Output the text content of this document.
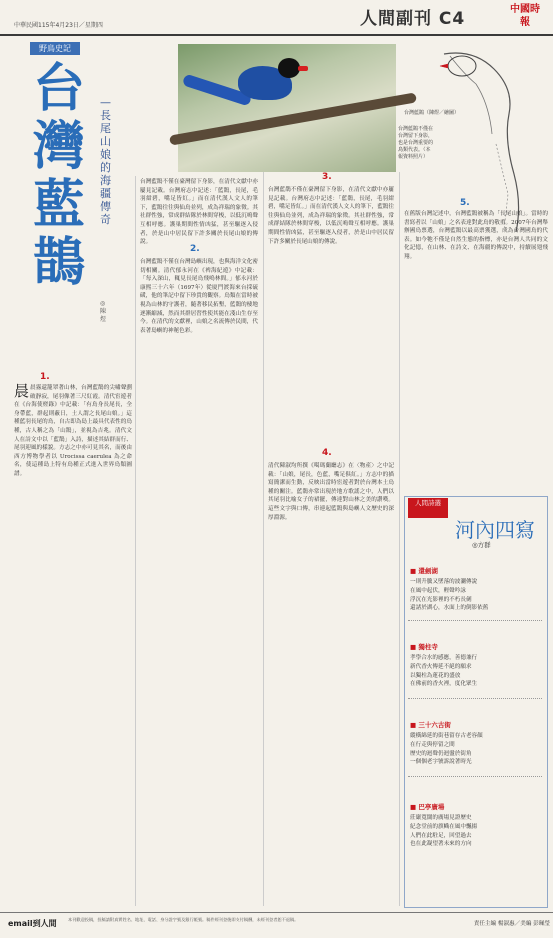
中華民國115年4月23日／星期四	人間副刊 C4	中國時報
台灣藍鵲不僅在台灣留下身影，也是台灣重要的鳥類代表。（本報資料照片）
台灣藍鵲（陳煜／繪圖）
野鳥史記
台灣藍鵲
—長尾山娘的海疆傳奇
◎陳煜
1.
晨晨霧還籠罩著山林，台灣藍鵲的尖嘯聲劃破靜寂，尾羽像著三尺紅霞。清代宦遊者在《台海使槎錄》中記載：「有鳥身長尾長，全身帶藍，群起則蔽日，土人謂之長尾山娘。」這種藍羽長尾的鳥，自古即為島上最具代表性的鳥種，古人稱之為「山鵲」，並視為吉兆。清代文人在詩文中以「藍鵲」入詩，描述其結群而行、尾羽迎風的樣貌。方志之中亦可見其名，而後由西方博物學者以 Urocissa caerulea 為之命名，使這種島上特有鳥種正式進入世界鳥類圖譜。
台灣藍鵲不僅在臺灣留下身影，在清代文獻中亦屢見記載。台灣府志中記述：「藍鵲，長尾，毛羽紺碧，嘴足皆紅。」而在清代漢人文人的筆下，藍鵲往往與仙鳥並列，成為祥瑞的象徵。其社群性強，常成群結隊於林間穿梭，以低沉鳴聲互相呼應。護巢期間性情凶猛，甚至驅逐入侵者，於是山中居民留下許多關於長尾山娘的傳說。
2.
台灣藍鵲不僅在台灣島嶼出現，也與海洋文化密切相關。清代郁永河在《裨海紀遊》中記載：「每入深山，輒見長尾鳥飛鳴林間。」郁永河於康熙三十六年（1697年）從廈門渡海來台採硫磺，他的筆記中留下珍貴的觀察。鳥類在當時被視為山林的守護者，隨著移民拓墾，藍鵲的棲地逐漸縮減，然而其群居習性使其能在淺山生存至今。在清代的文獻裡，山娘之名流傳於民間，代表著島嶼的神秘色彩。
3.
台灣藍鵲不僅在臺灣留下身影，在清代文獻中亦屢見記載。台灣府志中記述：「藍鵲，長尾，毛羽紺碧，嘴足皆紅。」而在清代漢人文人的筆下，藍鵲往往與仙鳥並列，成為祥瑞的象徵。其社群性強，常成群結隊於林間穿梭，以低沉鳴聲互相呼應。護巢期間性情凶猛，甚至驅逐入侵者，於是山中居民留下許多關於長尾山娘的傳說。
4.
清代陳淑均所撰《噶瑪蘭廳志》在〈物產〉之中記載：「山娘，尾長，色藍，嘴足俱紅。」方志中的描寫簡潔而生動，反映出當時宦遊者對於台灣本土鳥種的關注。藍鵲亦常出現於地方歌謠之中，人們以其尾羽比喻女子的裙擺，傳達對山林之美的讚嘆。這些文字與口傳，串連起藍鵲與島嶼人文歷史的深厚淵源。
5.
在舊版台灣記述中，台灣藍鵲被稱為「長尾山娘」。當時的書寫者以「山娘」之名表達對此鳥的敬重。2007年台灣舉辦國鳥票選，台灣藍鵲以最高票獲選，成為台灣國鳥的代表。如今牠不僅是自然生態的指標，亦是台灣人共同的文化記憶，在山林、在詩文、在海疆的傳說中，持續展翅飛翔。
人間詩選
河內四寫
◎方群
■ 還劍湖
一則升騰又墜落的波瀾傳說
在風中起伏，輕聲吟詠
浮沉在光影裡的不朽長劍
還諸於湖心，水面上的倒影依舊
■ 獨柱寺
孝學合水的感應，善德兼行
新代香火傳延不絕的願求
以獨柱為蓮花的盛放
在佛前的香火裡，度化眾生
■ 三十六古街
縱橫綿延的街巷留存古老容顏
在行走與停留之間
歷史的迴聲仍迴盪於街角
一個個老字號訴說著時光
■ 巴亭廣場
莊嚴寬闊的廣場見證歷史
紀念堂前的旗幟在風中飄揚
人們在此駐足，回望過去
也在此凝望著未來的方向
email到人間	本刊歡迎投稿，投稿請附真實姓名、地址、電話、身分證字號及銀行帳號。稿件經刊登後即支付稿酬，未經刊登者恕不退稿。
責任主編 楊淑惠／美編 彭珮瑩
